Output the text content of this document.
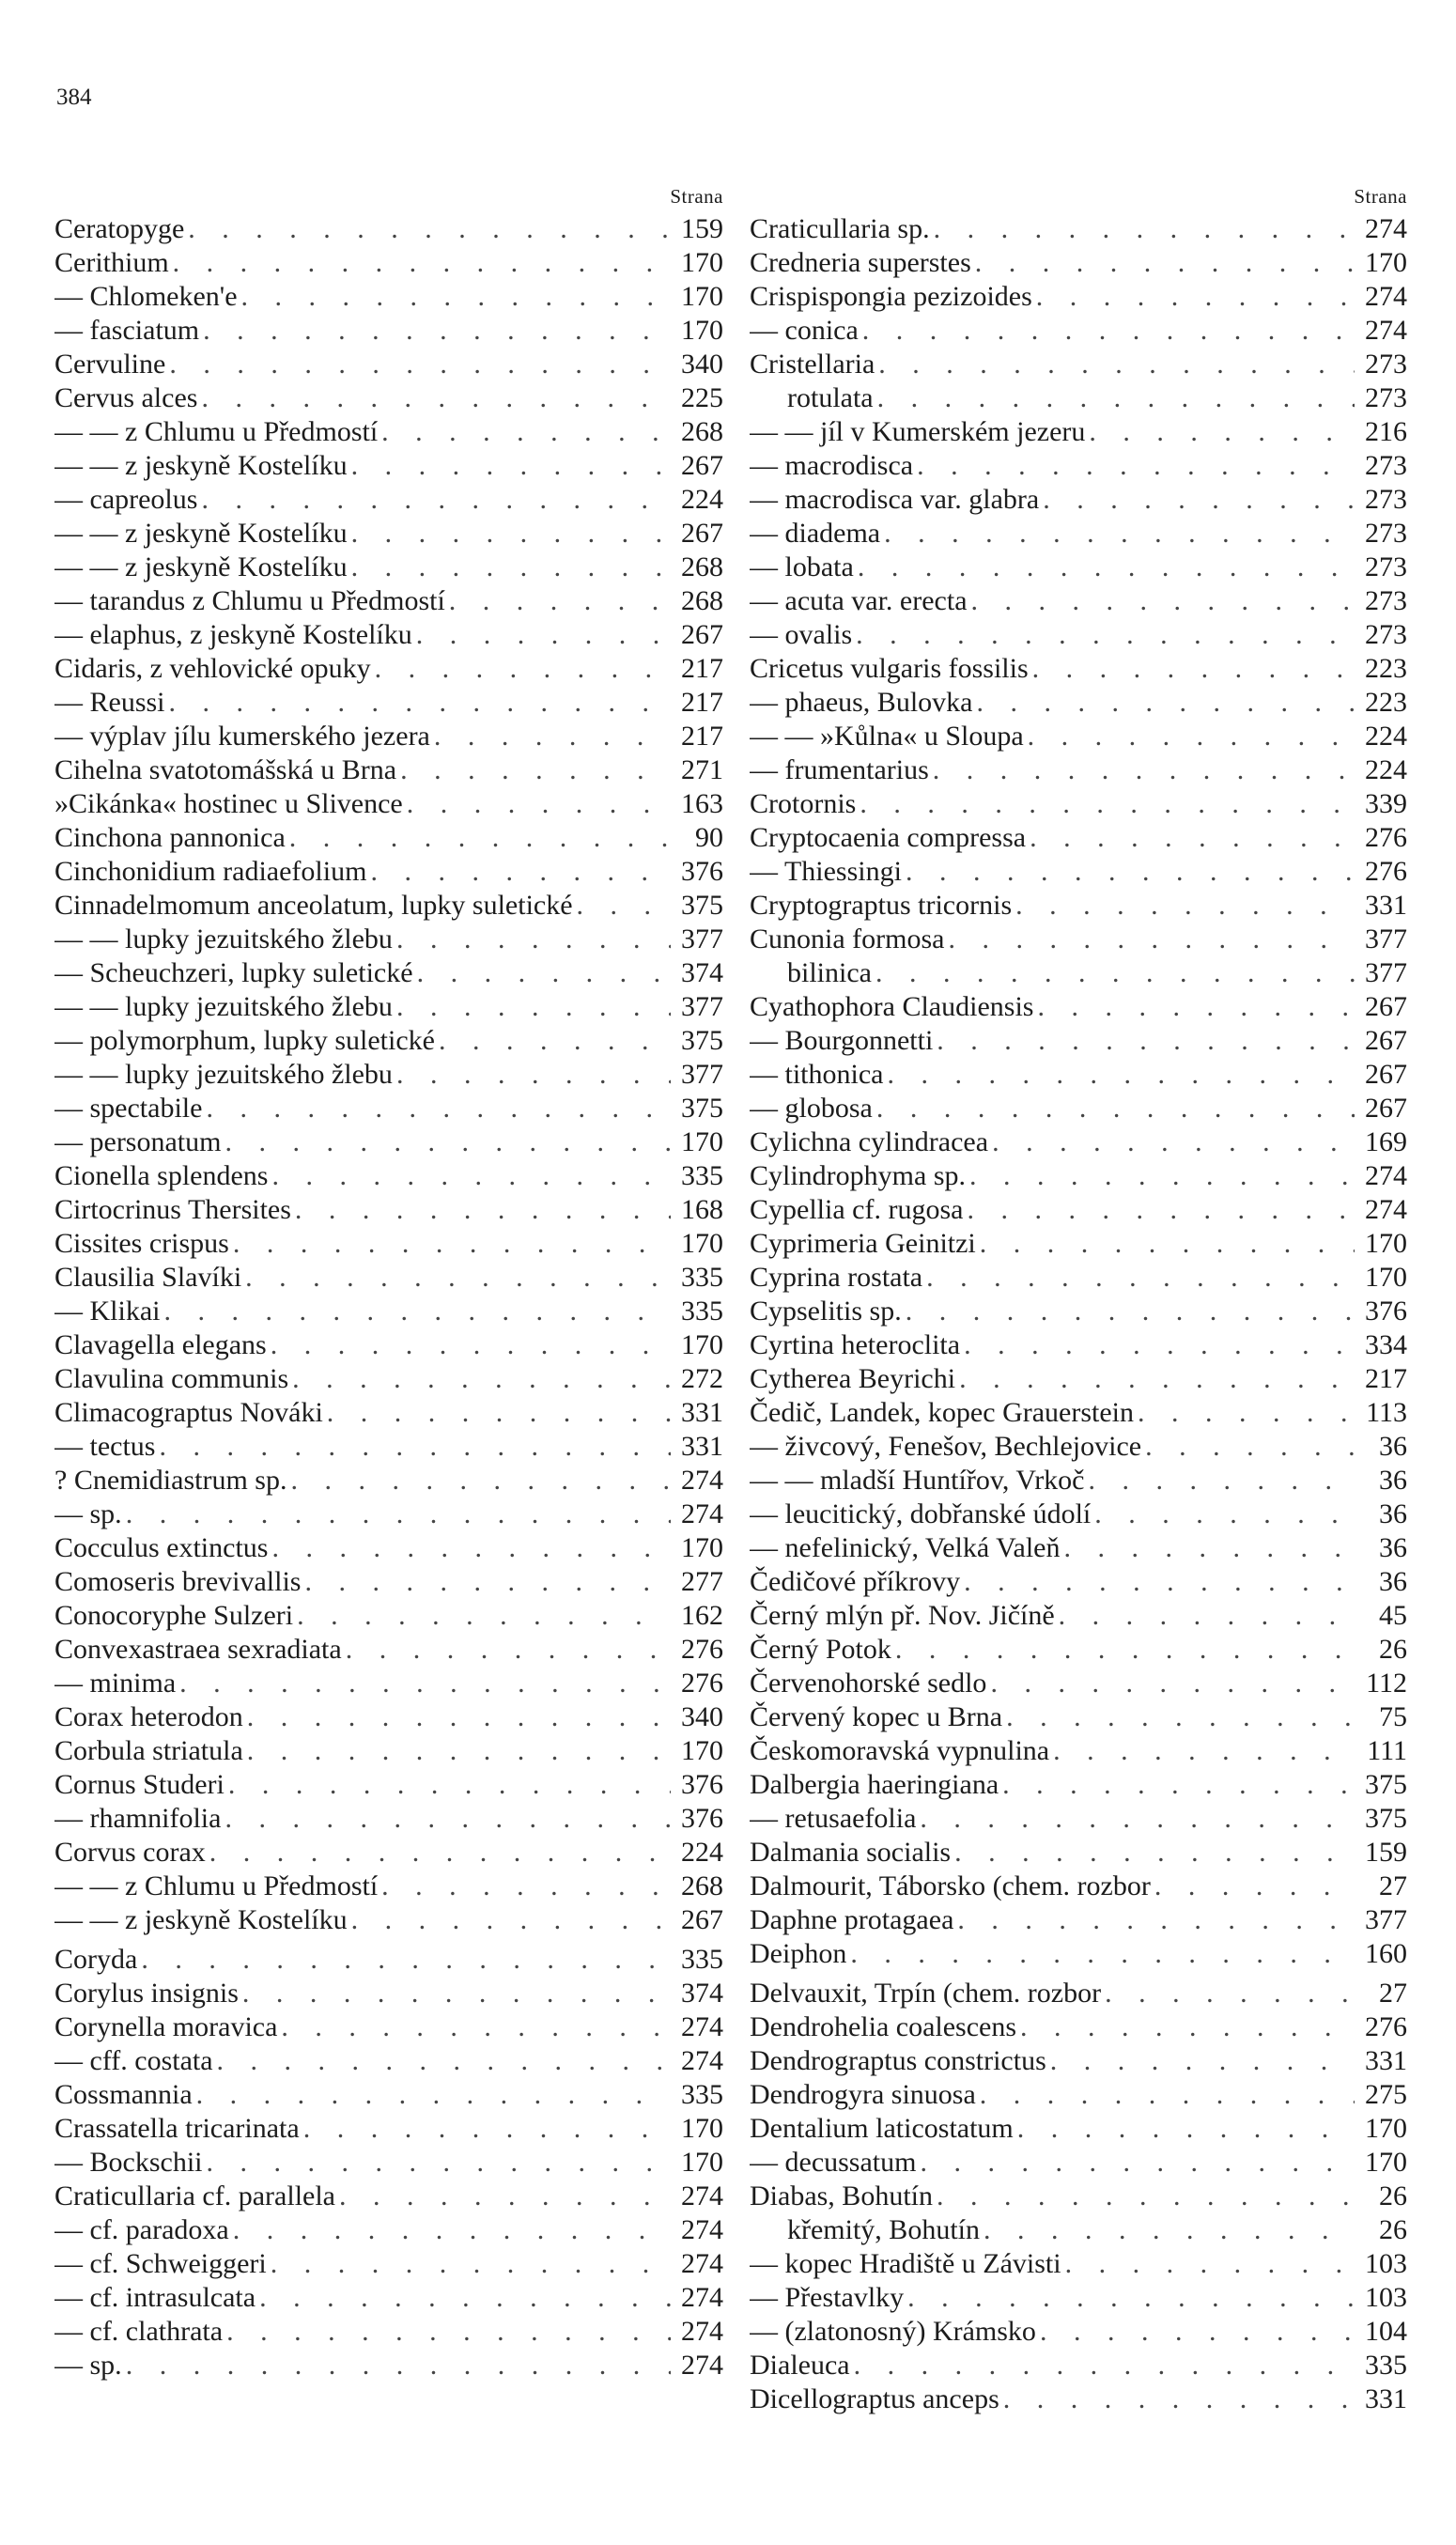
384
Strana
Ceratopyge . . .	159
Cerithium . . .	170
— Chlomeken'e . . .	170
— fasciatum . . .	170
Cervuline . . .	340
Cervus alces . . .	225
— — z Chlumu u Předmostí . . .	268
— — z jeskyně Kostelíku . . .	267
— capreolus . . .	224
— — z jeskyně Kostelíku . . .	267
— — z jeskyně Kostelíku . . .	268
— tarandus z Chlumu u Předmostí . . .	268
— elaphus, z jeskyně Kostelíku . . .	267
Cidaris, z vehlovické opuky . . .	217
— Reussi . . .	217
— výplav jílu kumerského jezera . . .	217
Cihelna svatotomášská u Brna . . .	271
»Cikánka« hostinec u Slivence . . .	163
Cinchona pannonica . . .	90
Cinchonidium radiaefolium . . .	376
Cinnadelmomum anceolatum, lupky suletické . . .	375
— — lupky jezuitského žlebu . . .	377
— Scheuchzeri, lupky suletické . . .	374
— — lupky jezuitského žlebu . . .	377
— polymorphum, lupky suletické . . .	375
— — lupky jezuitského žlebu . . .	377
— spectabile . . .	375
— personatum . . .	170
Cionella splendens . . .	335
Cirtocrinus Thersites . . .	168
Cissites crispus . . .	170
Clausilia Slavíki . . .	335
— Klikai . . .	335
Clavagella elegans . . .	170
Clavulina communis . . .	272
Climacograptus Nováki . . .	331
— tectus . . .	331
? Cnemidiastrum sp. . . .	274
— sp. . . .	274
Cocculus extinctus . . .	170
Comoseris brevivallis . . .	277
Conocoryphe Sulzeri . . .	162
Convexastraea sexradiata . . .	276
— minima . . .	276
Corax heterodon . . .	340
Corbula striatula . . .	170
Cornus Studeri . . .	376
— rhamnifolia . . .	376
Corvus corax . . .	224
— — z Chlumu u Předmostí . . .	268
— — z jeskyně Kostelíku . . .	267
Coryda . . .	335
Corylus insignis . . .	374
Corynella moravica . . .	274
— cff. costata . . .	274
Cossmannia . . .	335
Crassatella tricarinata . . .	170
— Bockschii . . .	170
Craticullaria cf. parallela . . .	274
— cf. paradoxa . . .	274
— cf. Schweiggeri . . .	274
— cf. intrasulcata . . .	274
— cf. clathrata . . .	274
— sp. . . .	274
Strana
Craticullaria sp. . . .	274
Credneria superstes . . .	170
Crispispongia pezizoides . . .	274
— conica . . .	274
Cristellaria . . .	273
rotulata . . .	273
— — jíl v Kumerském jezeru . . .	216
— macrodisca . . .	273
— macrodisca var. glabra . . .	273
— diadema . . .	273
— lobata . . .	273
— acuta var. erecta . . .	273
— ovalis . . .	273
Cricetus vulgaris fossilis . . .	223
— phaeus, Bulovka . . .	223
— — »Kůlna« u Sloupa . . .	224
— frumentarius . . .	224
Crotornis . . .	339
Cryptocaenia compressa . . .	276
— Thiessingi . . .	276
Cryptograptus tricornis . . .	331
Cunonia formosa . . .	377
bilinica . . .	377
Cyathophora Claudiensis . . .	267
— Bourgonnetti . . .	267
— tithonica . . .	267
— globosa . . .	267
Cylichna cylindracea . . .	169
Cylindrophyma sp. . . .	274
Cypellia cf. rugosa . . .	274
Cyprimeria Geinitzi . . .	170
Cyprina rostata . . .	170
Cypselitis sp. . . .	376
Cyrtina heteroclita . . .	334
Cytherea Beyrichi . . .	217
Čedič, Landek, kopec Grauerstein . . .	113
— živcový, Fenešov, Bechlejovice . . .	36
— — mladší Huntířov, Vrkoč . . .	36
— leucitický, dobřanské údolí . . .	36
— nefelinický, Velká Valeň . . .	36
Čedičové příkrovy . . .	36
Černý mlýn př. Nov. Jičíně . . .	45
Černý Potok . . .	26
Červenohorské sedlo . . .	112
Červený kopec u Brna . . .	75
Českomoravská vypnulina . . .	111
Dalbergia haeringiana . . .	375
— retusaefolia . . .	375
Dalmania socialis . . .	159
Dalmourit, Táborsko (chem. rozbor . . .	27
Daphne protagaea . . .	377
Deiphon . . .	160
Delvauxit, Trpín (chem. rozbor . . .	27
Dendrohelia coalescens . . .	276
Dendrograptus constrictus . . .	331
Dendrogyra sinuosa . . .	275
Dentalium laticostatum . . .	170
— decussatum . . .	170
Diabas, Bohutín . . .	26
křemitý, Bohutín . . .	26
— kopec Hradiště u Závisti . . .	103
— Přestavlky . . .	103
— (zlatonosný) Krámsko . . .	104
Dialeuca . . .	335
Dicellograptus anceps . . .	331
